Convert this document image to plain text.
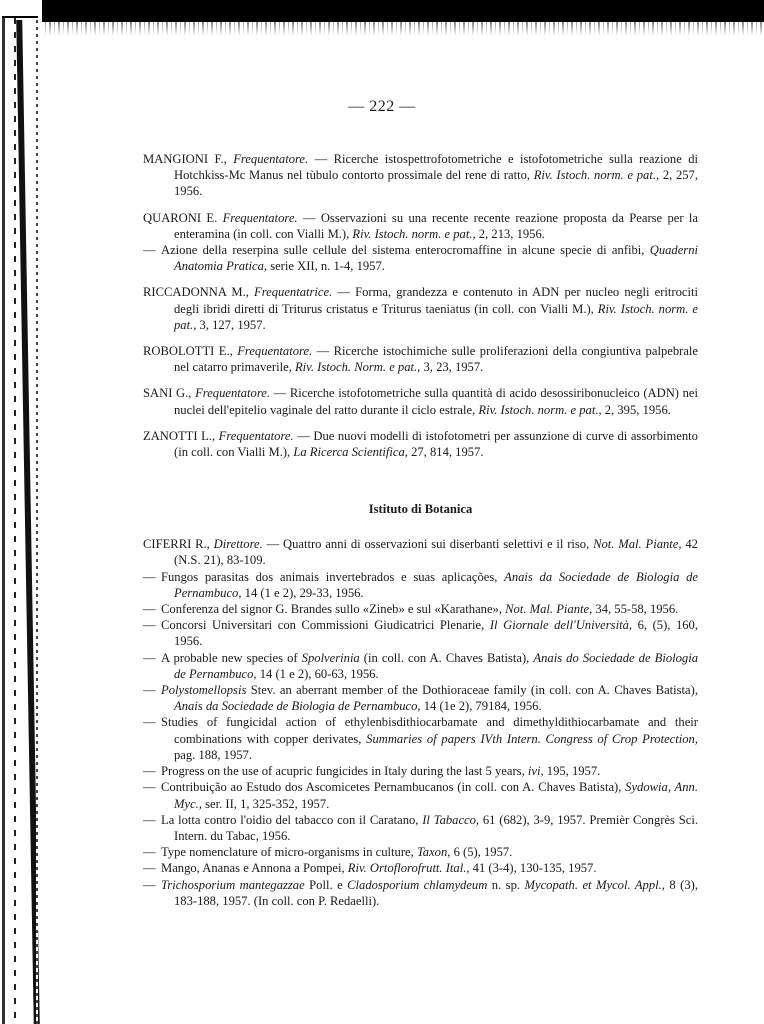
— 222 —

MANGIONI F., Frequentatore. — Ricerche istospettrofotometriche e istofotometriche sulla reazione di Hotchkiss-Mc Manus nel tùbulo contorto prossimale del rene di ratto, Riv. Istoch. norm. e pat., 2, 257, 1956.

QUARONI E. Frequentatore. — Osservazioni su una recente recente reazione proposta da Pearse per la enteramina (in coll. con Vialli M.), Riv. Istoch. norm. e pat., 2, 213, 1956.

— Azione della reserpina sulle cellule del sistema enterocromaffine in alcune specie di anfibi, Quaderni Anatomia Pratica, serie XII, n. 1-4, 1957.

RICCADONNA M., Frequentatrice. — Forma, grandezza e contenuto in ADN per nucleo negli eritrociti degli ibridi diretti di Triturus cristatus e Triturus taeniatus (in coll. con Vialli M.), Riv. Istoch. norm. e pat., 3, 127, 1957.

ROBOLOTTI E., Frequentatore. — Ricerche istochimiche sulle proliferazioni della congiuntiva palpebrale nel catarro primaverile, Riv. Istoch. Norm. e pat., 3, 23, 1957.

SANI G., Frequentatore. — Ricerche istofotometriche sulla quantità di acido desossiribonucleico (ADN) nei nuclei dell'epitelio vaginale del ratto durante il ciclo estrale, Riv. Istoch. norm. e pat., 2, 395, 1956.

ZANOTTI L., Frequentatore. — Due nuovi modelli di istofotometri per assunzione di curve di assorbimento (in coll. con Vialli M.), La Ricerca Scientifica, 27, 814, 1957.

Istituto di Botanica

CIFERRI R., Direttore. — Quattro anni di osservazioni sui diserbanti selettivi e il riso, Not. Mal. Piante, 42 (N.S. 21), 83-109.

— Fungos parasitas dos animais invertebrados e suas aplicações, Anais da Sociedade de Biologia de Pernambuco, 14 (1 e 2), 29-33, 1956.

— Conferenza del signor G. Brandes sullo «Zineb» e sul «Karathane», Not. Mal. Piante, 34, 55-58, 1956.

— Concorsi Universitari con Commissioni Giudicatrici Plenarie, Il Giornale dell'Università, 6, (5), 160, 1956.

— A probable new species of Spolverinia (in coll. con A. Chaves Batista), Anais do Sociedade de Biologia de Pernambuco, 14 (1 e 2), 60-63, 1956.

— Polystomellopsis Stev. an aberrant member of the Dothioraceae family (in coll. con A. Chaves Batista), Anais da Sociedade de Biologia de Pernambuco, 14 (1e 2), 79184, 1956.

— Studies of fungicidal action of ethylenbisdithiocarbamate and dimethyldithiocarbamate and their combinations with copper derivates, Summaries of papers IVth Intern. Congress of Crop Protection, pag. 188, 1957.

— Progress on the use of acupric fungicides in Italy during the last 5 years, ivi, 195, 1957.

— Contribuição ao Estudo dos Ascomicetes Pernambucanos (in coll. con A. Chaves Batista), Sydowia, Ann. Myc., ser. II, 1, 325-352, 1957.

— La lotta contro l'oidio del tabacco con il Caratano, Il Tabacco, 61 (682), 3-9, 1957. Premièr Congrès Sci. Intern. du Tabac, 1956.

— Type nomenclature of micro-organisms in culture, Taxon, 6 (5), 1957.

— Mango, Ananas e Annona a Pompei, Riv. Ortoflorofrutt. Ital., 41 (3-4), 130-135, 1957.

— Trichosporium mantegazzae Poll. e Cladosporium chlamydeum n. sp. Mycopath. et Mycol. Appl., 8 (3), 183-188, 1957. (In coll. con P. Redaelli).
